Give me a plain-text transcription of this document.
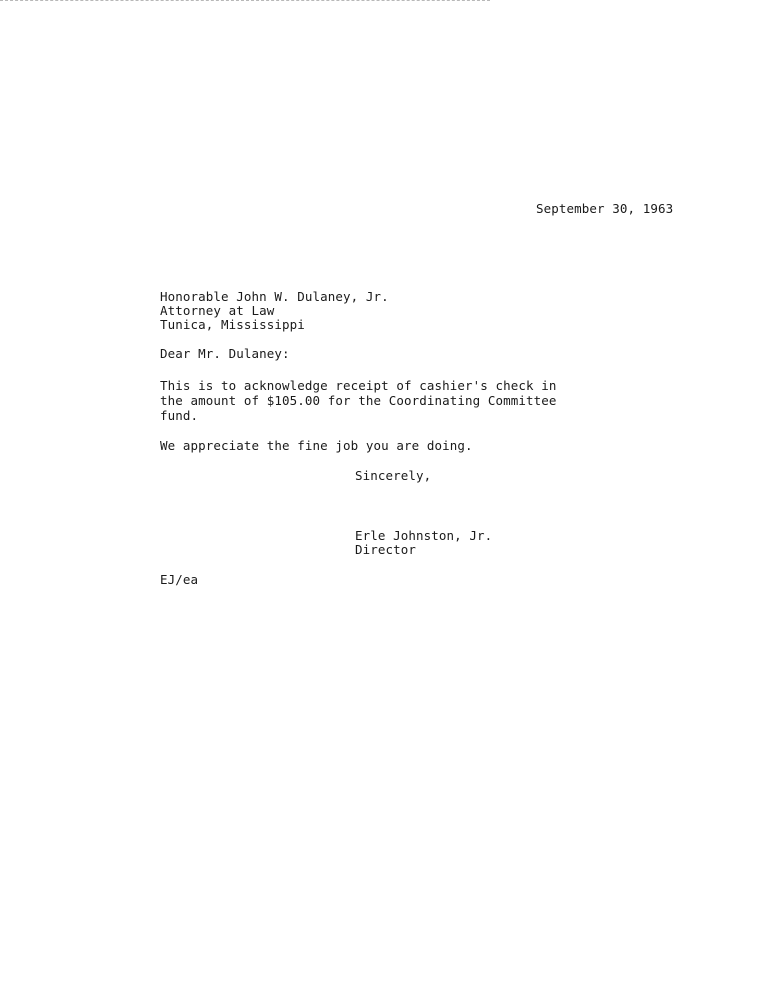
September 30, 1963
Honorable John W. Dulaney, Jr.
Attorney at Law
Tunica, Mississippi
Dear Mr. Dulaney:
This is to acknowledge receipt of cashier's check in
the amount of $105.00 for the Coordinating Committee
fund.
We appreciate the fine job you are doing.
Sincerely,
Erle Johnston, Jr.
Director
EJ/ea
